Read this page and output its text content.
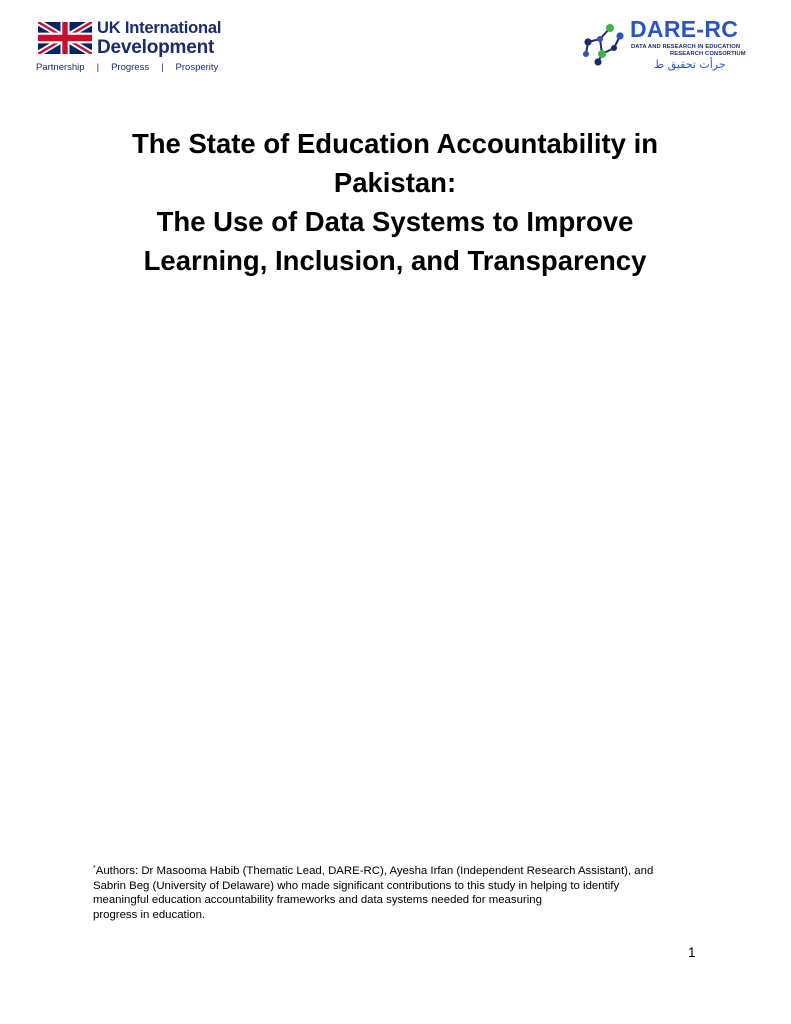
UK International
Development
Partnership | Progress | Prosperity
DARE-RC
DATA AND RESEARCH IN EDUCATION
RESEARCH CONSORTIUM
جرأت تحقیق ط
The State of Education Accountability in
Pakistan:
The Use of Data Systems to Improve
Learning, Inclusion, and Transparency
*Authors: Dr Masooma Habib (Thematic Lead, DARE-RC), Ayesha Irfan (Independent Research Assistant), and
Sabrin Beg (University of Delaware) who made significant contributions to this study in helping to identify
meaningful education accountability frameworks and data systems needed for measuring
progress in education.
1
